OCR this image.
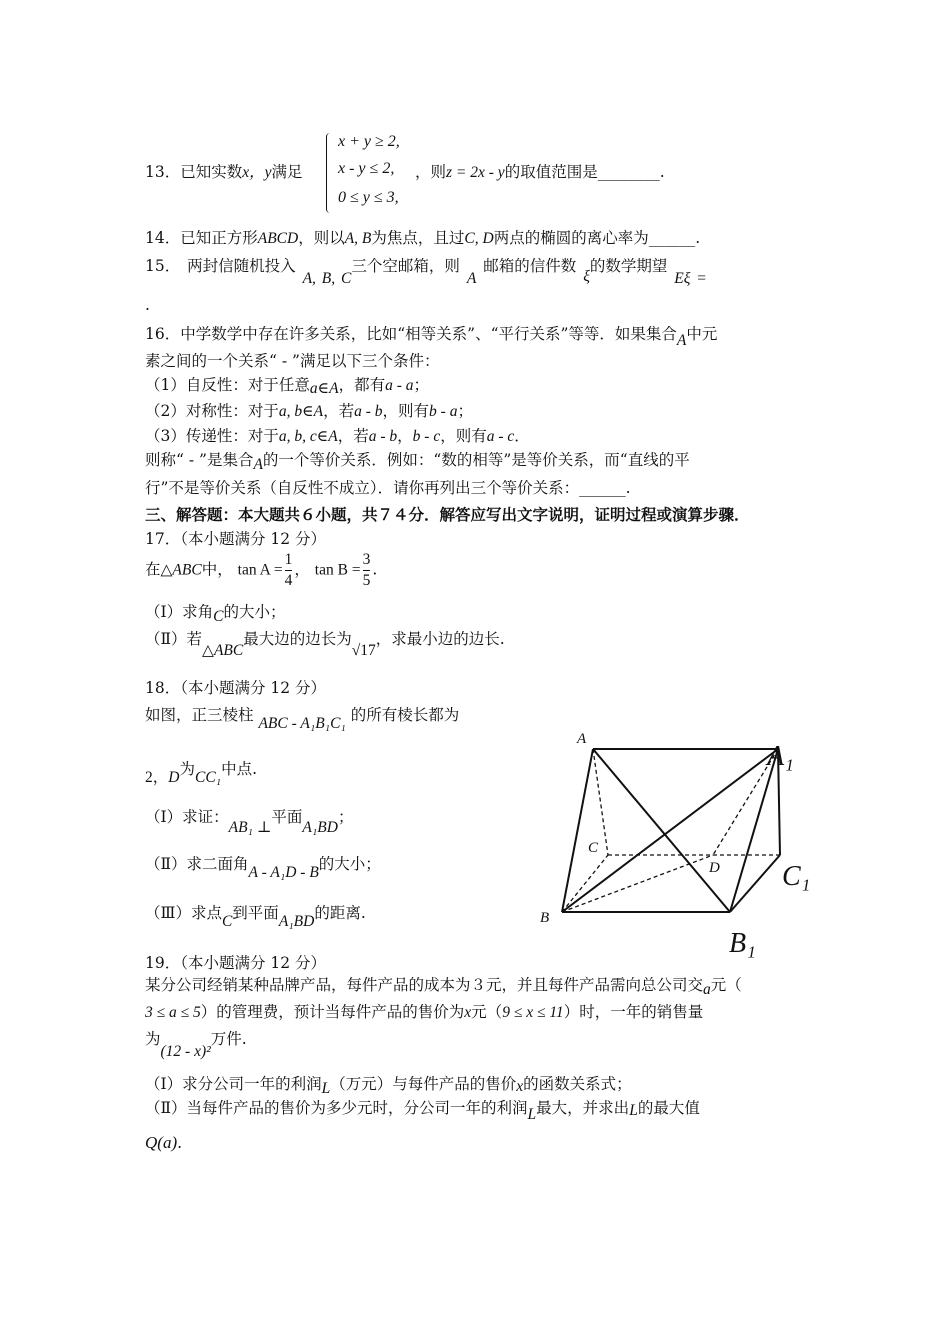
13．已知实数x，y满足
x + y ≥ 2,
x - y ≤ 2,
0 ≤ y ≤ 3,
，则z = 2x - y的取值范围是________.
14．已知正方形ABCD，则以A, B为焦点，且过C, D两点的椭圆的离心率为______.
15． 两封信随机投入 A, B, C三个空邮箱，则 A 邮箱的信件数 ξ的数学期望 Eξ =
.
16．中学数学中存在许多关系，比如“相等关系”、“平行关系”等等．如果集合A中元
素之间的一个关系“ - ”满足以下三个条件：
（1）自反性：对于任意a∈A，都有a - a；
（2）对称性：对于a, b∈A，若a - b，则有b - a；
（3）传递性：对于a, b, c∈A，若a - b，b - c，则有a - c．
则称“ - ”是集合A的一个等价关系．例如：“数的相等”是等价关系，而“直线的平
行”不是等价关系（自反性不成立）．请你再列出三个等价关系：______.
三、解答题：本大题共６小题，共７４分．解答应写出文字说明，证明过程或演算步骤．
17．（本小题满分 12 分）
在△ABC中， $\tan A = \frac{1}{4}$ ， $\tan B = \frac{3}{5}$ .
（Ⅰ）求角C的大小；
（Ⅱ）若△ABC最大边的边长为√17，求最小边的边长.
18．（本小题满分 12 分）
如图，正三棱柱 ABC - A₁B₁C₁ 的所有棱长都为
2，D为CC₁中点.
（Ⅰ）求证：AB₁ ⊥平面A₁BD；
（Ⅱ）求二面角A - A₁D - B的大小；
（Ⅲ）求点C到平面A₁BD的距离.
A
A₁
C
D C₁
B
B₁
19．（本小题满分 12 分）
某分公司经销某种品牌产品，每件产品的成本为３元，并且每件产品需向总公司交a元（
3 ≤ a ≤ 5）的管理费，预计当每件产品的售价为x元（9 ≤ x ≤ 11）时，一年的销售量
为(12 - x)²万件.
（Ⅰ）求分公司一年的利润L（万元）与每件产品的售价x的函数关系式；
（Ⅱ）当每件产品的售价为多少元时，分公司一年的利润L最大，并求出L的最大值
Q(a).
